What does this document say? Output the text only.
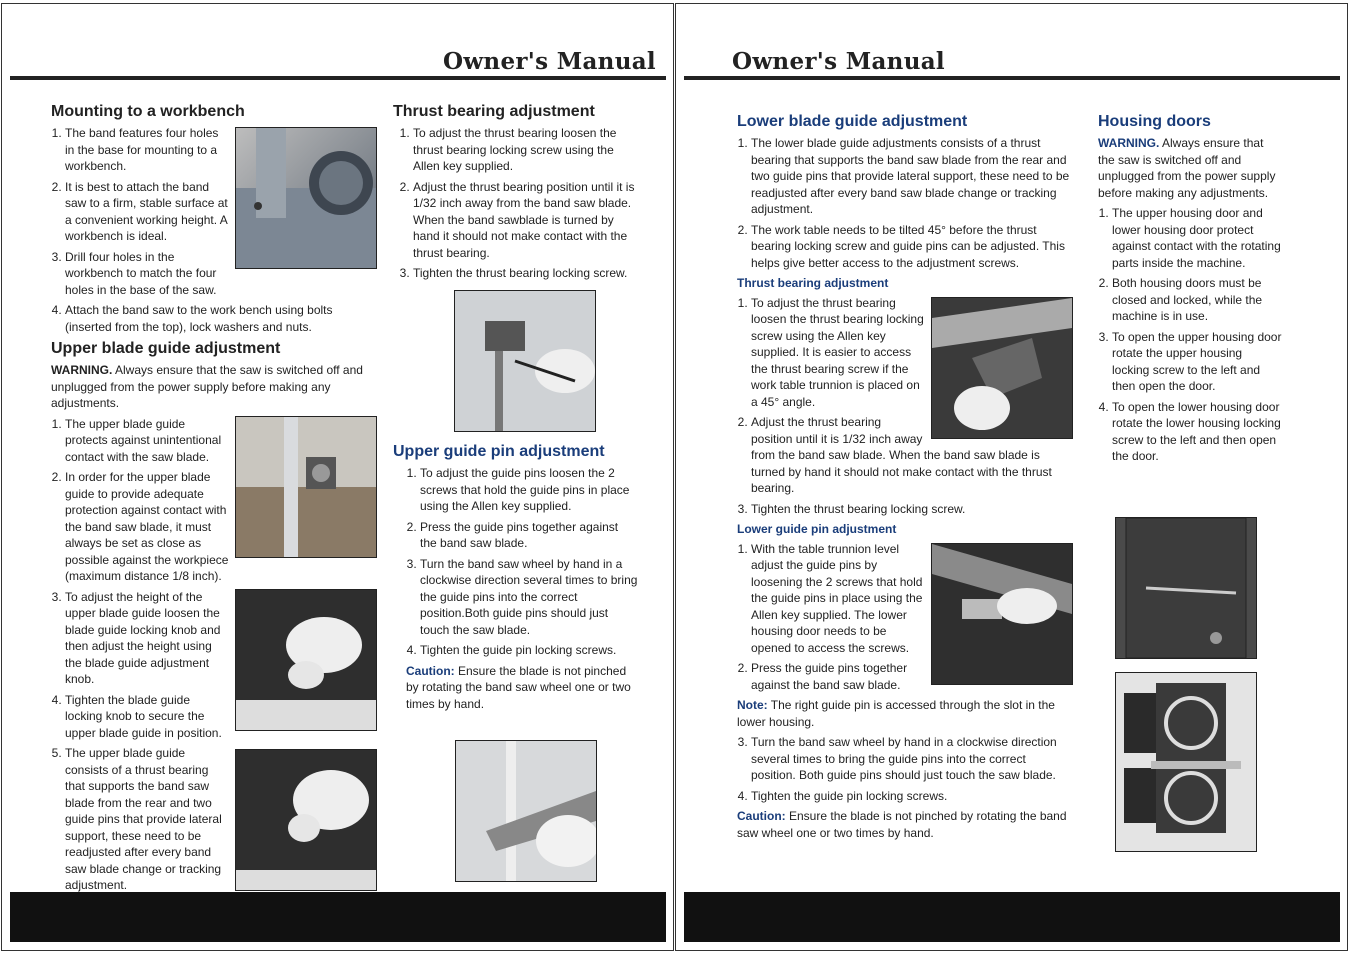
Owner's Manual
Mounting to a workbench
1. The band features four holes in the base for mounting to a workbench.
2. It is best to attach the band saw to a firm, stable surface at a convenient working height. A workbench is ideal.
3. Drill four holes in the workbench to match the four holes in the base of the saw.
4. Attach the band saw to the work bench using bolts (inserted from the top), lock washers and nuts.
Upper blade guide adjustment

WARNING. Always ensure that the saw is switched off and unplugged from the power supply before making any adjustments.

1. The upper blade guide protects against unintentional contact with the saw blade.
2. In order for the upper blade guide to provide adequate protection against contact with the band saw blade, it must always be set as close as possible against the workpiece (maximum distance 1/8 inch).
3. To adjust the height of the upper blade guide loosen the blade guide locking knob and then adjust the height using the blade guide adjustment knob.
4. Tighten the blade guide locking knob to secure the upper blade guide in position.
5. The upper blade guide consists of a thrust bearing that supports the band saw blade from the rear and two guide pins that provide lateral support, these need to be readjusted after every band saw blade change or tracking adjustment.
Thrust bearing adjustment
1. To adjust the thrust bearing loosen the thrust bearing locking screw using the Allen key supplied.
2. Adjust the thrust bearing position until it is 1/32 inch away from the band saw blade. When the band sawblade is turned by hand it should not make contact with the thrust bearing.
3. Tighten the thrust bearing locking screw.
Upper guide pin adjustment
1. To adjust the guide pins loosen the 2 screws that hold the guide pins in place using the Allen key supplied.
2. Press the guide pins together against the band saw blade.
3. Turn the band saw wheel by hand in a clockwise direction several times to bring the guide pins into the correct position.Both guide pins should just touch the saw blade.
4. Tighten the guide pin locking screws.

Caution: Ensure the blade is not pinched by rotating the band saw wheel one or two times by hand.

Owner's Manual
Lower blade guide adjustment
1. The lower blade guide adjustments consists of a thrust bearing that supports the band saw blade from the rear and two guide pins that provide lateral support, these need to be readjusted after every band saw blade change or tracking adjustment.
2. The work table needs to be tilted 45° before the thrust bearing locking screw and guide pins can be adjusted. This helps give better access to the adjustment screws.
Thrust bearing adjustment
1. To adjust the thrust bearing loosen the thrust bearing locking screw using the Allen key supplied. It is easier to access the thrust bearing screw if the work table trunnion is placed on a 45° angle.
2. Adjust the thrust bearing position until it is 1/32 inch away from the band saw blade. When the band saw blade is turned by hand it should not make contact with the thrust bearing.
3. Tighten the thrust bearing locking screw.
Lower guide pin adjustment
1. With the table trunnion level adjust the guide pins by loosening the 2 screws that hold the guide pins in place using the Allen key supplied. The lower housing door needs to be opened to access the screws.
2. Press the guide pins together against the band saw blade.

Note: The right guide pin is accessed through the slot in the lower housing.

3. Turn the band saw wheel by hand in a clockwise direction several times to bring the guide pins into the correct position. Both guide pins should just touch the saw blade.
4. Tighten the guide pin locking screws.

Caution: Ensure the blade is not pinched by rotating the band saw wheel one or two times by hand.

Housing doors

WARNING. Always ensure that the saw is switched off and unplugged from the power supply before making any adjustments.

1. The upper housing door and lower housing door protect against contact with the rotating parts inside the machine.
2. Both housing doors must be closed and locked, while the machine is in use.
3. To open the upper housing door rotate the upper housing locking screw to the left and then open the door.
4. To open the lower housing door rotate the lower housing locking screw to the left and then open the door.
